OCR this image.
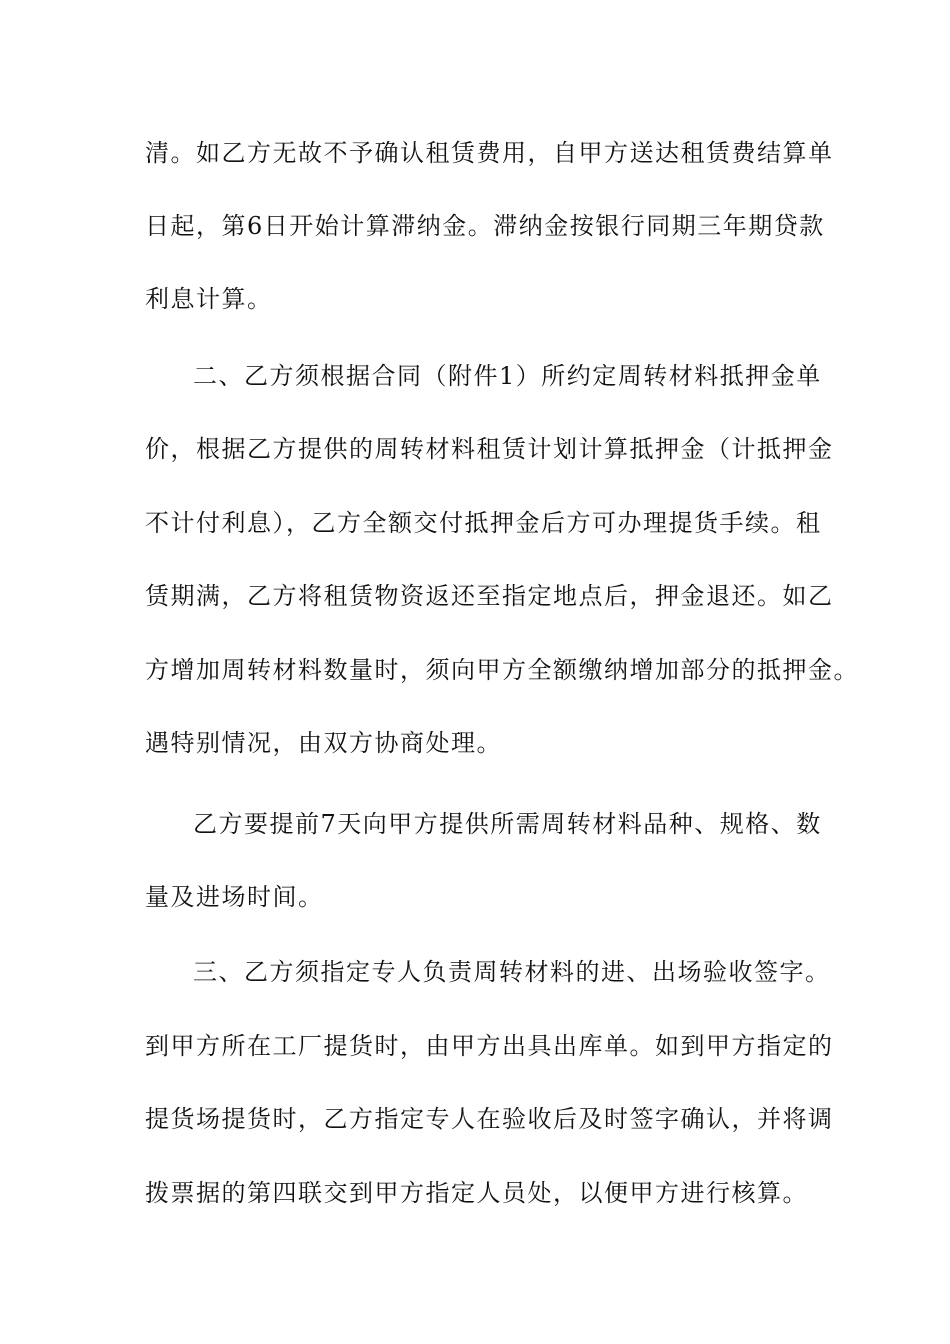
清。如乙方无故不予确认租赁费用，自甲方送达租赁费结算单
日起，第6日开始计算滞纳金。滞纳金按银行同期三年期贷款
利息计算。
二、乙方须根据合同（附件1）所约定周转材料抵押金单
价，根据乙方提供的周转材料租赁计划计算抵押金（计抵押金
不计付利息），乙方全额交付抵押金后方可办理提货手续。租
赁期满，乙方将租赁物资返还至指定地点后，押金退还。如乙
方增加周转材料数量时，须向甲方全额缴纳增加部分的抵押金。
遇特别情况，由双方协商处理。
乙方要提前7天向甲方提供所需周转材料品种、规格、数
量及进场时间。
三、乙方须指定专人负责周转材料的进、出场验收签字。
到甲方所在工厂提货时，由甲方出具出库单。如到甲方指定的
提货场提货时，乙方指定专人在验收后及时签字确认，并将调
拨票据的第四联交到甲方指定人员处，以便甲方进行核算。
